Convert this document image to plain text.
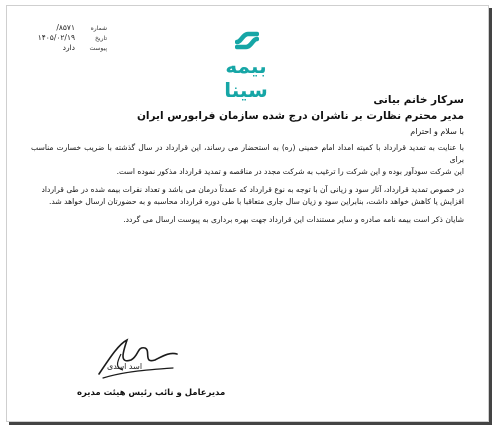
شماره
۸۵۷۱/
تاریخ
۱۴۰۵/۰۲/۱۹
پیوست
دارد
بیمه سینا	سرکار خانم بیانی

مدیر محترم نظارت بر ناشران درج شده سازمان فرابورس ایران

با سلام و احترام

با عنایت به تمدید قرارداد با کمیته امداد امام خمینی (ره) به استحضار می رساند، این قرارداد در سال گذشته با ضریب خسارت مناسب برای
این شرکت سودآور بوده و این شرکت را ترغیب به شرکت مجدد در مناقصه و تمدید قرارداد مذکور نموده است.

در خصوص تمدید قرارداد، آثار سود و زیانی آن با توجه به نوع قرارداد که عمدتاً درمان می باشد و تعداد نفرات بیمه شده در طی قرارداد
افزایش یا کاهش خواهد داشت، بنابراین سود و زیان سال جاری متعاقبا با طی دوره قرارداد محاسبه و به حضورتان ارسال خواهد شد.

شایان ذکر است بیمه نامه صادره و سایر مستندات این قرارداد جهت بهره برداری به پیوست ارسال می گردد.

اسد اسدی
مدیرعامل و نائب رئیس هیئت مدیره
